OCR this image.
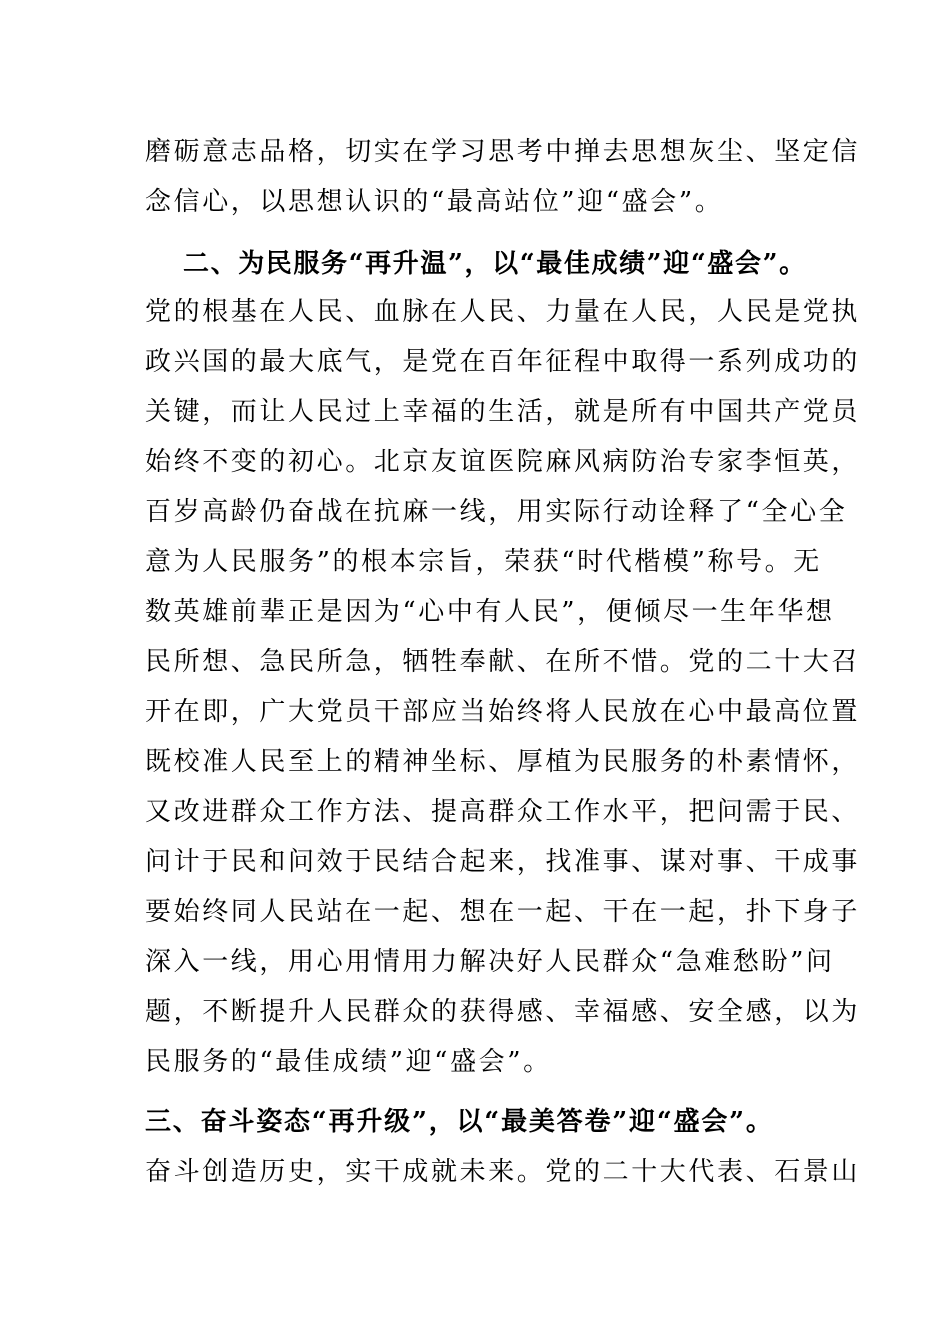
磨砺意志品格，切实在学习思考中掸去思想灰尘、坚定信
念信心，以思想认识的“最高站位”迎“盛会”。
二、为民服务“再升温”，以“最佳成绩”迎“盛会”。
党的根基在人民、血脉在人民、力量在人民，人民是党执
政兴国的最大底气，是党在百年征程中取得一系列成功的
关键，而让人民过上幸福的生活，就是所有中国共产党员
始终不变的初心。北京友谊医院麻风病防治专家李恒英，
百岁高龄仍奋战在抗麻一线，用实际行动诠释了“全心全
意为人民服务”的根本宗旨，荣获“时代楷模”称号。无
数英雄前辈正是因为“心中有人民”，便倾尽一生年华想
民所想、急民所急，牺牲奉献、在所不惜。党的二十大召
开在即，广大党员干部应当始终将人民放在心中最高位置
既校准人民至上的精神坐标、厚植为民服务的朴素情怀，
又改进群众工作方法、提高群众工作水平，把问需于民、
问计于民和问效于民结合起来，找准事、谋对事、干成事
要始终同人民站在一起、想在一起、干在一起，扑下身子
深入一线，用心用情用力解决好人民群众“急难愁盼”问
题，不断提升人民群众的获得感、幸福感、安全感，以为
民服务的“最佳成绩”迎“盛会”。
三、奋斗姿态“再升级”，以“最美答卷”迎“盛会”。
奋斗创造历史，实干成就未来。党的二十大代表、石景山
